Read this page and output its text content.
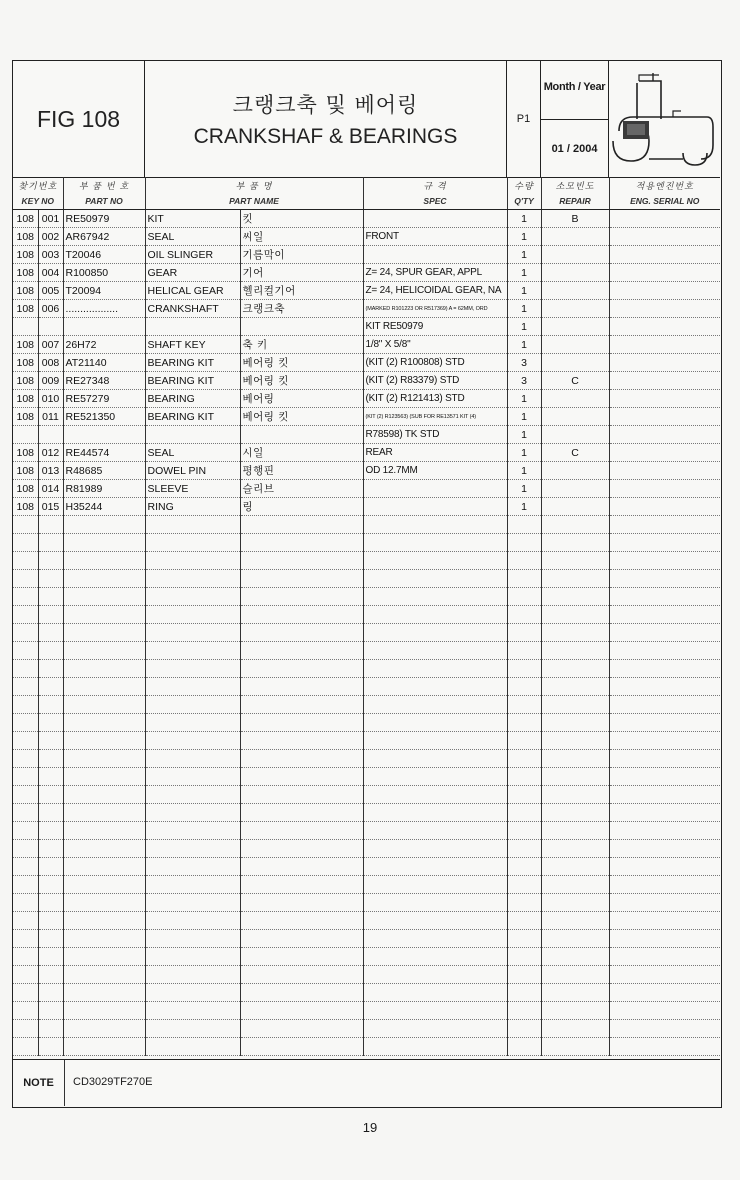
FIG 108
크랭크축 및 베어링
CRANKSHAF & BEARINGS
P1
Month / Year
01 / 2004
찾기번호		부 품 번 호	부 품 명		규 격	수량	소모빈도	적용엔진번호
KEY NO		PART NO	PART NAME		SPEC	Q'TY	REPAIR	ENG. SERIAL NO
108	001	RE50979	KIT	킷		1	B	
108	002	AR67942	SEAL	씨일	FRONT	1		
108	003	T20046	OIL SLINGER	기름막이		1		
108	004	R100850	GEAR	기어	Z= 24, SPUR GEAR, APPL	1		
108	005	T20094	HELICAL GEAR	헬리컬기어	Z= 24, HELICOIDAL GEAR, NA	1		
108	006	..................	CRANKSHAFT	크랭크축	(MARKED R101223 OR R517369) A = 62MM, ORD	1		
					KIT RE50979	1		
108	007	26H72	SHAFT KEY	축 키	1/8" X 5/8"	1		
108	008	AT21140	BEARING KIT	베어링 킷	(KIT (2) R100808) STD	3		
108	009	RE27348	BEARING KIT	베어링 킷	(KIT (2) R83379) STD	3	C	
108	010	RE57279	BEARING	베어링	(KIT (2) R121413) STD	1		
108	011	RE521350	BEARING KIT	베어링 킷	(KIT (2) R123563) (SUB FOR RE13571 KIT (4)	1		
					R78598) TK STD	1		
108	012	RE44574	SEAL	시일	REAR	1	C	
108	013	R48685	DOWEL PIN	평행핀	OD 12.7MM	1		
108	014	R81989	SLEEVE	슬리브		1		
108	015	H35244	RING	링		1		

NOTE	CD3029TF270E
19
